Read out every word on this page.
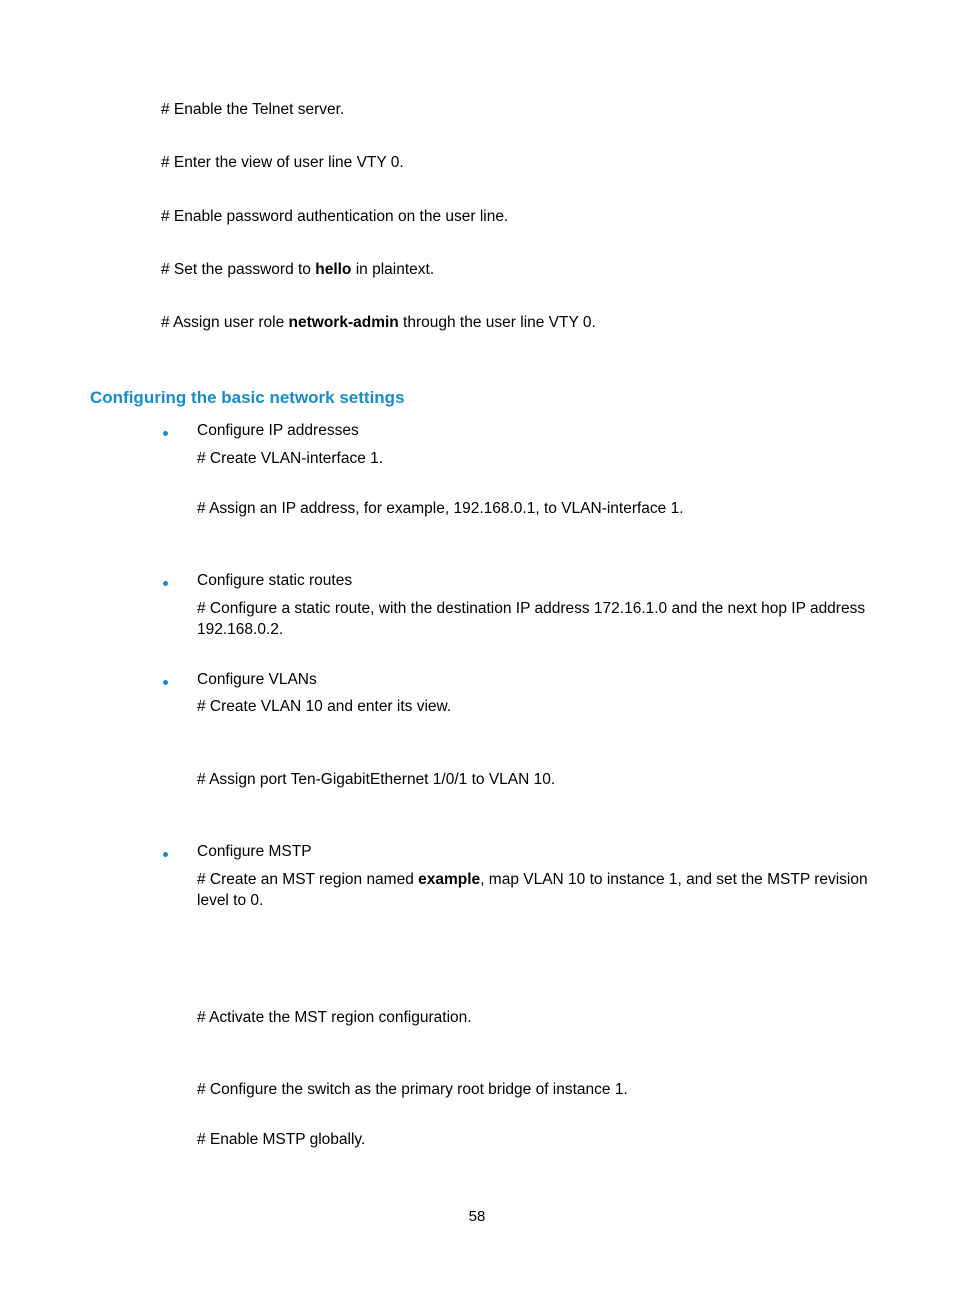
# Enable the Telnet server.
# Enter the view of user line VTY 0.
# Enable password authentication on the user line.
# Set the password to hello in plaintext.
# Assign user role network-admin through the user line VTY 0.
Configuring the basic network settings
Configure IP addresses
# Create VLAN-interface 1.
# Assign an IP address, for example, 192.168.0.1, to VLAN-interface 1.
Configure static routes
# Configure a static route, with the destination IP address 172.16.1.0 and the next hop IP address 192.168.0.2.
Configure VLANs
# Create VLAN 10 and enter its view.
# Assign port Ten-GigabitEthernet 1/0/1 to VLAN 10.
Configure MSTP
# Create an MST region named example, map VLAN 10 to instance 1, and set the MSTP revision level to 0.
# Activate the MST region configuration.
# Configure the switch as the primary root bridge of instance 1.
# Enable MSTP globally.
58
